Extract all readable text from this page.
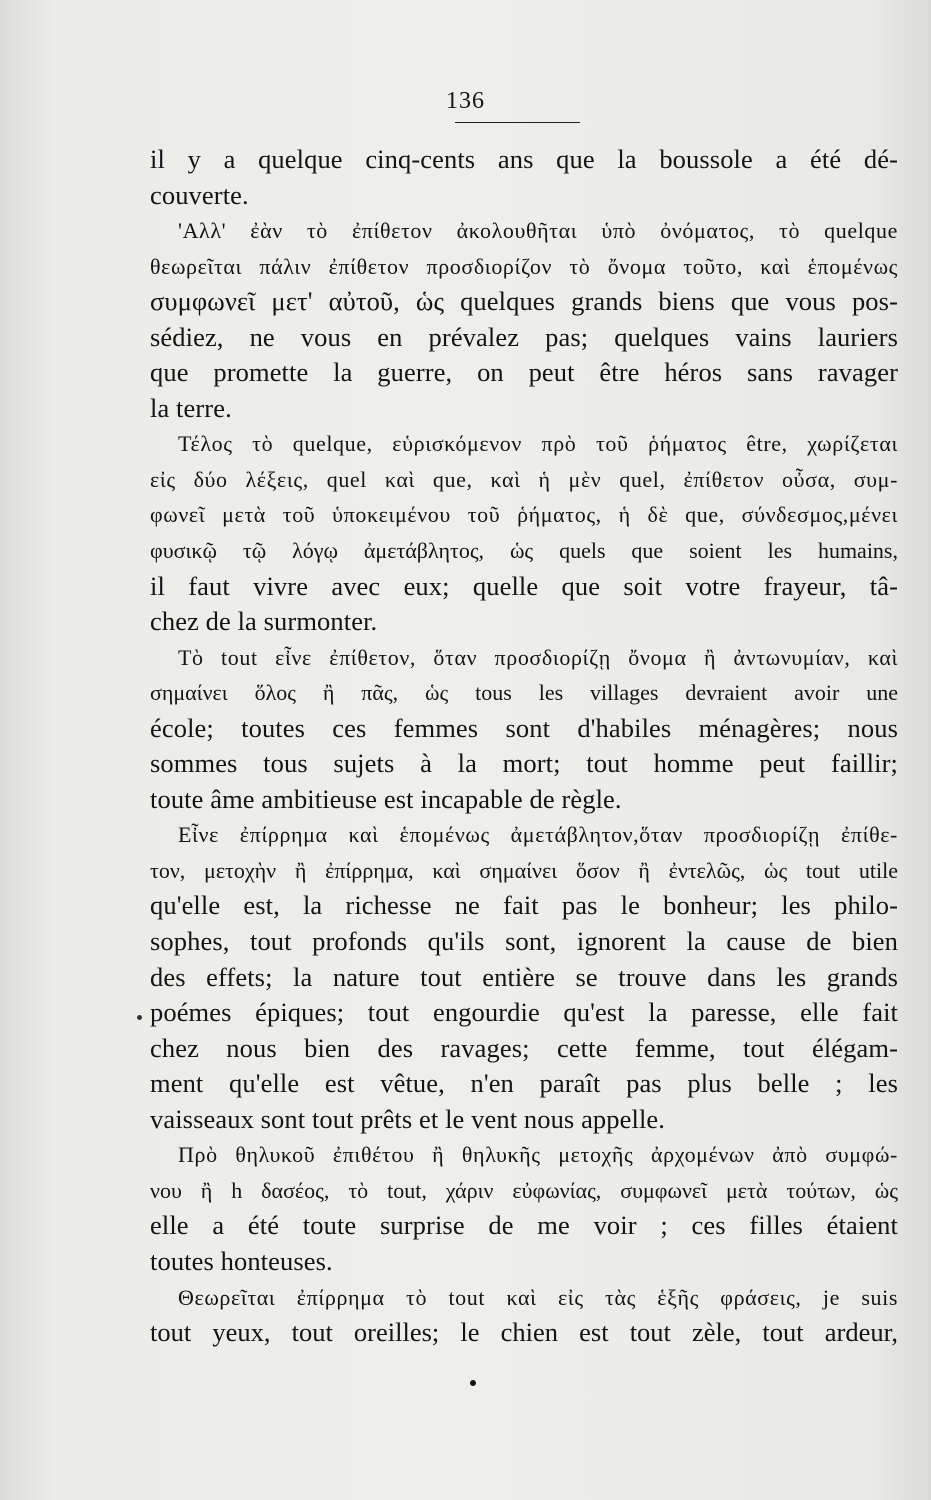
136
il y a quelque cinq-cents ans que la boussole a été dé-
couverte.
'Αλλ' ἐὰν τὸ ἐπίθετον ἀκολουθῆται ὑπὸ ὀνόματος, τὸ quelque
θεωρεῖται πάλιν ἐπίθετον προσδιορίζον τὸ ὄνομα τοῦτο, καὶ ἑπομένως
συμφωνεῖ μετ' αὐτοῦ, ὡς quelques grands biens que vous pos-
sédiez, ne vous en prévalez pas; quelques vains lauriers
que promette la guerre, on peut être héros sans ravager
la terre.
Τέλος τὸ quelque, εὑρισκόμενον πρὸ τοῦ ῥήματος être, χωρίζεται
εἰς δύο λέξεις, quel καὶ que, καὶ ἡ μὲν quel, ἐπίθετον οὖσα, συμ-
φωνεῖ μετὰ τοῦ ὑποκειμένου τοῦ ῥήματος, ἡ δὲ que, σύνδεσμος,μένει
φυσικῷ τῷ λόγῳ ἀμετάβλητος, ὡς quels que soient les humains,
il faut vivre avec eux; quelle que soit votre frayeur, tâ-
chez de la surmonter.
Τὸ tout εἶνε ἐπίθετον, ὅταν προσδιορίζῃ ὄνομα ἢ ἀντωνυμίαν, καὶ
σημαίνει ὅλος ἢ πᾶς, ὡς tous les villages devraient avoir une
école; toutes ces femmes sont d'habiles ménagères; nous
sommes tous sujets à la mort; tout homme peut faillir;
toute âme ambitieuse est incapable de règle.
Εἶνε ἐπίρρημα καὶ ἑπομένως ἀμετάβλητον,ὅταν προσδιορίζῃ ἐπίθε-
τον, μετοχὴν ἢ ἐπίρρημα, καὶ σημαίνει ὅσον ἢ ἐντελῶς, ὡς tout utile
qu'elle est, la richesse ne fait pas le bonheur; les philo-
sophes, tout profonds qu'ils sont, ignorent la cause de bien
des effets; la nature tout entière se trouve dans les grands
poémes épiques; tout engourdie qu'est la paresse, elle fait
chez nous bien des ravages; cette femme, tout élégam-
ment qu'elle est vêtue, n'en paraît pas plus belle ; les
vaisseaux sont tout prêts et le vent nous appelle.
Πρὸ θηλυκοῦ ἐπιθέτου ἢ θηλυκῆς μετοχῆς ἀρχομένων ἀπὸ συμφώ-
νου ἢ h δασέος, τὸ tout, χάριν εὐφωνίας, συμφωνεῖ μετὰ τούτων, ὡς
elle a été toute surprise de me voir ; ces filles étaient
toutes honteuses.
Θεωρεῖται ἐπίρρημα τὸ tout καὶ εἰς τὰς ἑξῆς φράσεις, je suis
tout yeux, tout oreilles; le chien est tout zèle, tout ardeur,
